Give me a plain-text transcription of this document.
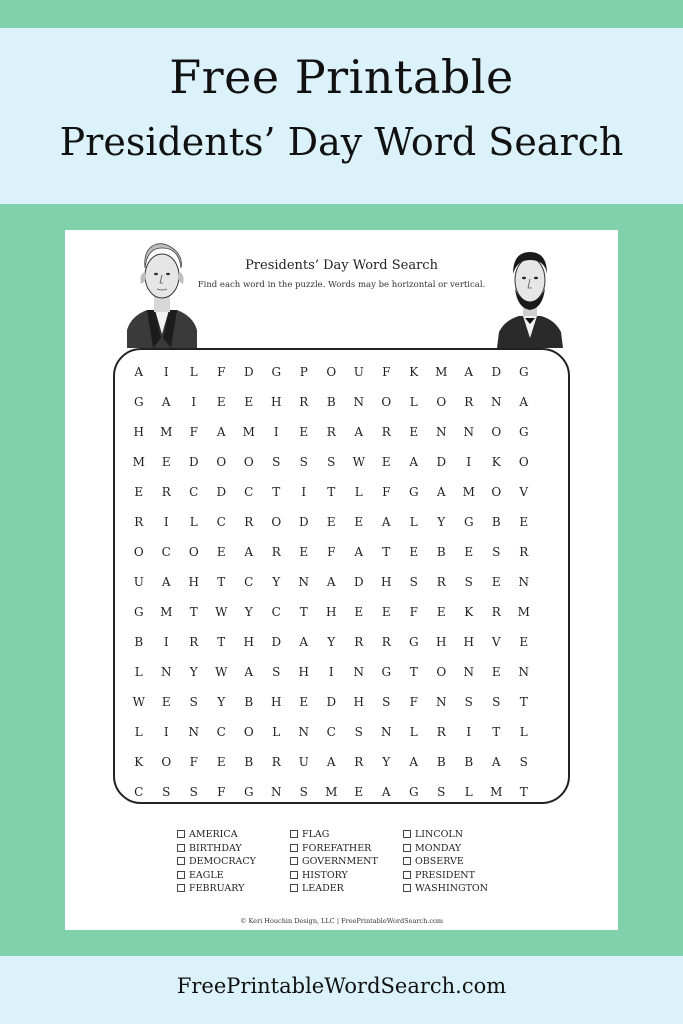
Free Printable
Presidents’ Day Word Search
Presidents’ Day Word Search
Find each word in the puzzle. Words may be horizontal or vertical.
A	I	L	F	D	G	P	O	U	F	K	M	A	D	G
G	A	I	E	E	H	R	B	N	O	L	O	R	N	A
H	M	F	A	M	I	E	R	A	R	E	N	N	O	G
M	E	D	O	O	S	S	S	W	E	A	D	I	K	O
E	R	C	D	C	T	I	T	L	F	G	A	M	O	V
R	I	L	C	R	O	D	E	E	A	L	Y	G	B	E
O	C	O	E	A	R	E	F	A	T	E	B	E	S	R
U	A	H	T	C	Y	N	A	D	H	S	R	S	E	N
G	M	T	W	Y	C	T	H	E	E	F	E	K	R	M
B	I	R	T	H	D	A	Y	R	R	G	H	H	V	E
L	N	Y	W	A	S	H	I	N	G	T	O	N	E	N
W	E	S	Y	B	H	E	D	H	S	F	N	S	S	T
L	I	N	C	O	L	N	C	S	N	L	R	I	T	L
K	O	F	E	B	R	U	A	R	Y	A	B	B	A	S
C	S	S	F	G	N	S	M	E	A	G	S	L	M	T
AMERICA
BIRTHDAY
DEMOCRACY
EAGLE
FEBRUARY
FLAG
FOREFATHER
GOVERNMENT
HISTORY
LEADER
LINCOLN
MONDAY
OBSERVE
PRESIDENT
WASHINGTON
© Keri Houchin Design, LLC | FreePrintableWordSearch.com
FreePrintableWordSearch.com
